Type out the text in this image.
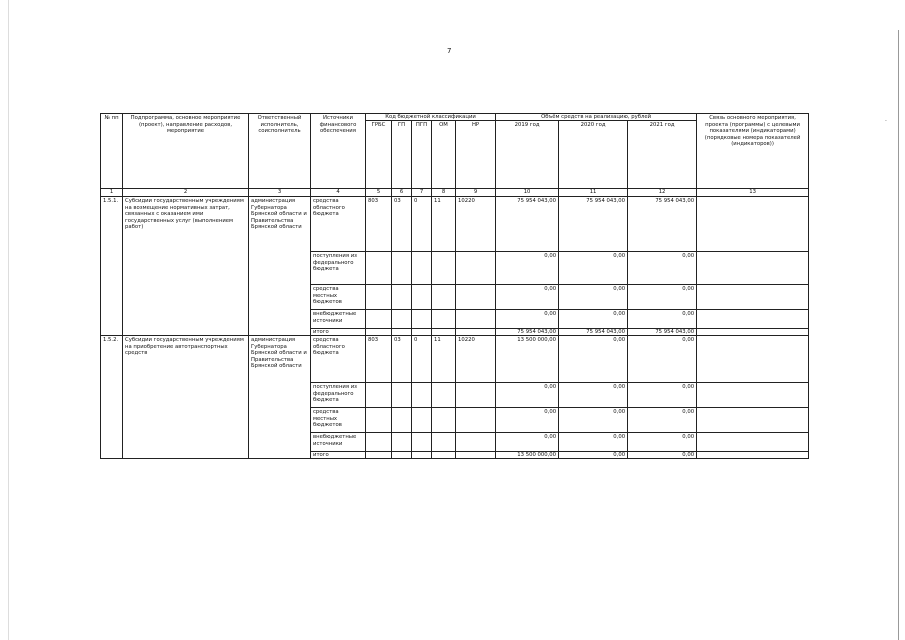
-
7
№ пп	Подпрограмма, основное мероприятие (проект), направление расходов, мероприятие	Ответственный исполнитель, соисполнитель	Источники финансового обеспечения	Код бюджетной классификации					Объём средств на реализацию, рублей			Связь основного мероприятия, проекта (программы) с целевыми показателями (индикаторами) (порядковые номера показателей (индикаторов))
				ГРБС	ГП	ПГП	ОМ	НР	2019 год	2020 год	2021 год	
1	2	3	4	5	6	7	8	9	10	11	12	13
1.5.1.	Субсидии государственным учреждениям на возмещение нормативных затрат, связанных с оказанием ими государственных услуг (выполнением работ)	администрация Губернатора Брянской области и Правительства Брянской области	средства областного бюджета	803	03	0	11	10220	75 954 043,00	75 954 043,00	75 954 043,00	
			поступления из федерального бюджета						0,00	0,00	0,00	
			средства местных бюджетов						0,00	0,00	0,00	
			внебюджетные источники						0,00	0,00	0,00	
			итого						75 954 043,00	75 954 043,00	75 954 043,00	
1.5.2.	Субсидии государственным учреждениям на приобретение автотранспортных средств	администрация Губернатора Брянской области и Правительства Брянской области	средства областного бюджета	803	03	0	11	10220	13 500 000,00	0,00	0,00	
			поступления из федерального бюджета						0,00	0,00	0,00	
			средства местных бюджетов						0,00	0,00	0,00	
			внебюджетные источники						0,00	0,00	0,00	
			итого						13 500 000,00	0,00	0,00	
